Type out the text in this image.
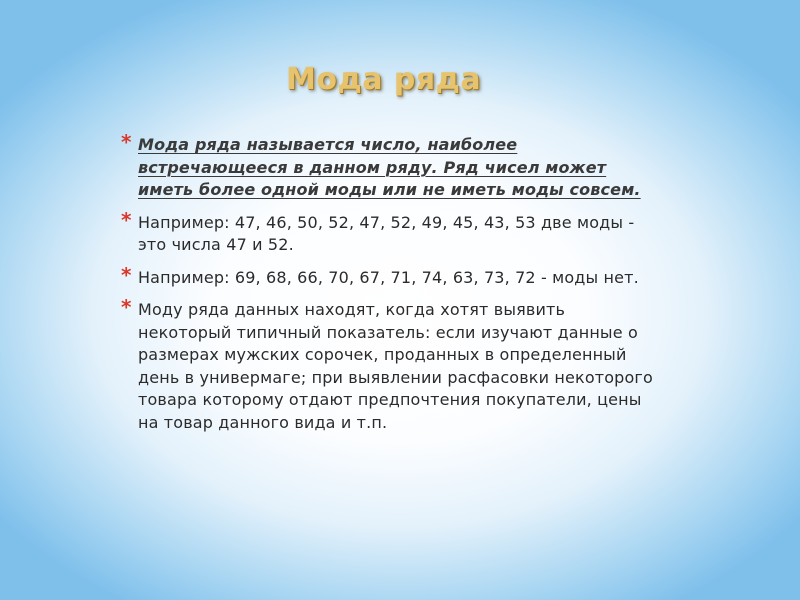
Мода ряда
* Мода ряда называется число, наиболее встречающееся в данном ряду. Ряд чисел может иметь более одной моды или не иметь моды совсем.
* Например: 47, 46, 50, 52, 47, 52, 49, 45, 43, 53 две моды - это числа 47 и 52.
* Например: 69, 68, 66, 70, 67, 71, 74, 63, 73, 72 - моды нет.
* Моду ряда данных находят, когда хотят выявить некоторый типичный показатель: если изучают данные о размерах мужских сорочек, проданных в определенный день в универмаге; при выявлении расфасовки некоторого товара которому отдают предпочтения покупатели, цены на товар данного вида и т.п.
